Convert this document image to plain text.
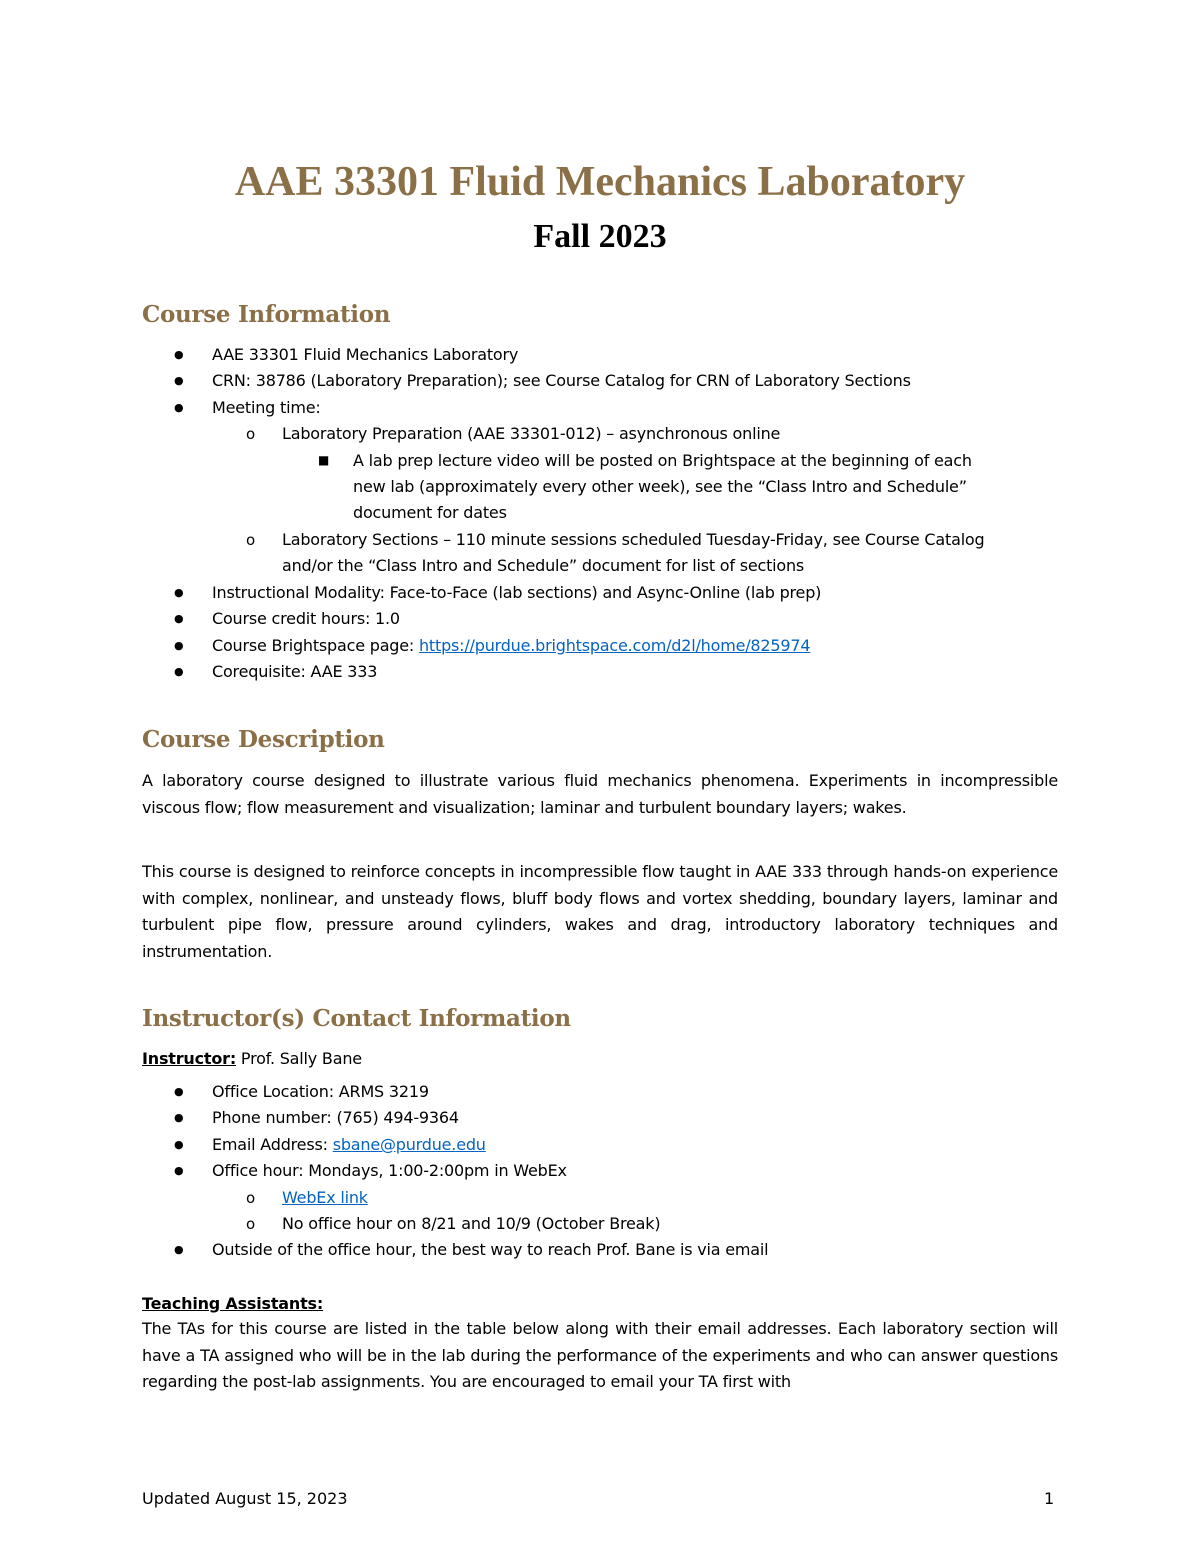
AAE 33301 Fluid Mechanics Laboratory
Fall 2023
Course Information
●
AAE 33301 Fluid Mechanics Laboratory
●
CRN: 38786 (Laboratory Preparation); see Course Catalog for CRN of Laboratory Sections
●
Meeting time:
o
Laboratory Preparation (AAE 33301-012) – asynchronous online
■
A lab prep lecture video will be posted on Brightspace at the beginning of each
new lab (approximately every other week), see the “Class Intro and Schedule”
document for dates
o
Laboratory Sections – 110 minute sessions scheduled Tuesday-Friday, see Course Catalog
and/or the “Class Intro and Schedule” document for list of sections
●
Instructional Modality: Face-to-Face (lab sections) and Async-Online (lab prep)
●
Course credit hours: 1.0
●
Course Brightspace page: https://purdue.brightspace.com/d2l/home/825974
●
Corequisite: AAE 333
Course Description

A laboratory course designed to illustrate various fluid mechanics phenomena. Experiments in incompressible viscous flow; flow measurement and visualization; laminar and turbulent boundary layers; wakes.

This course is designed to reinforce concepts in incompressible flow taught in AAE 333 through hands-on experience with complex, nonlinear, and unsteady flows, bluff body flows and vortex shedding, boundary layers, laminar and turbulent pipe flow, pressure around cylinders, wakes and drag, introductory laboratory techniques and instrumentation.

Instructor(s) Contact Information
Instructor: Prof. Sally Bane
●
Office Location: ARMS 3219
●
Phone number: (765) 494-9364
●
Email Address: sbane@purdue.edu
●
Office hour: Mondays, 1:00-2:00pm in WebEx
o
WebEx link
o
No office hour on 8/21 and 10/9 (October Break)
●
Outside of the office hour, the best way to reach Prof. Bane is via email
Teaching Assistants:

The TAs for this course are listed in the table below along with their email addresses. Each laboratory section will have a TA assigned who will be in the lab during the performance of the experiments and who can answer questions regarding the post-lab assignments. You are encouraged to email your TA first with

Updated August 15, 2023	1
